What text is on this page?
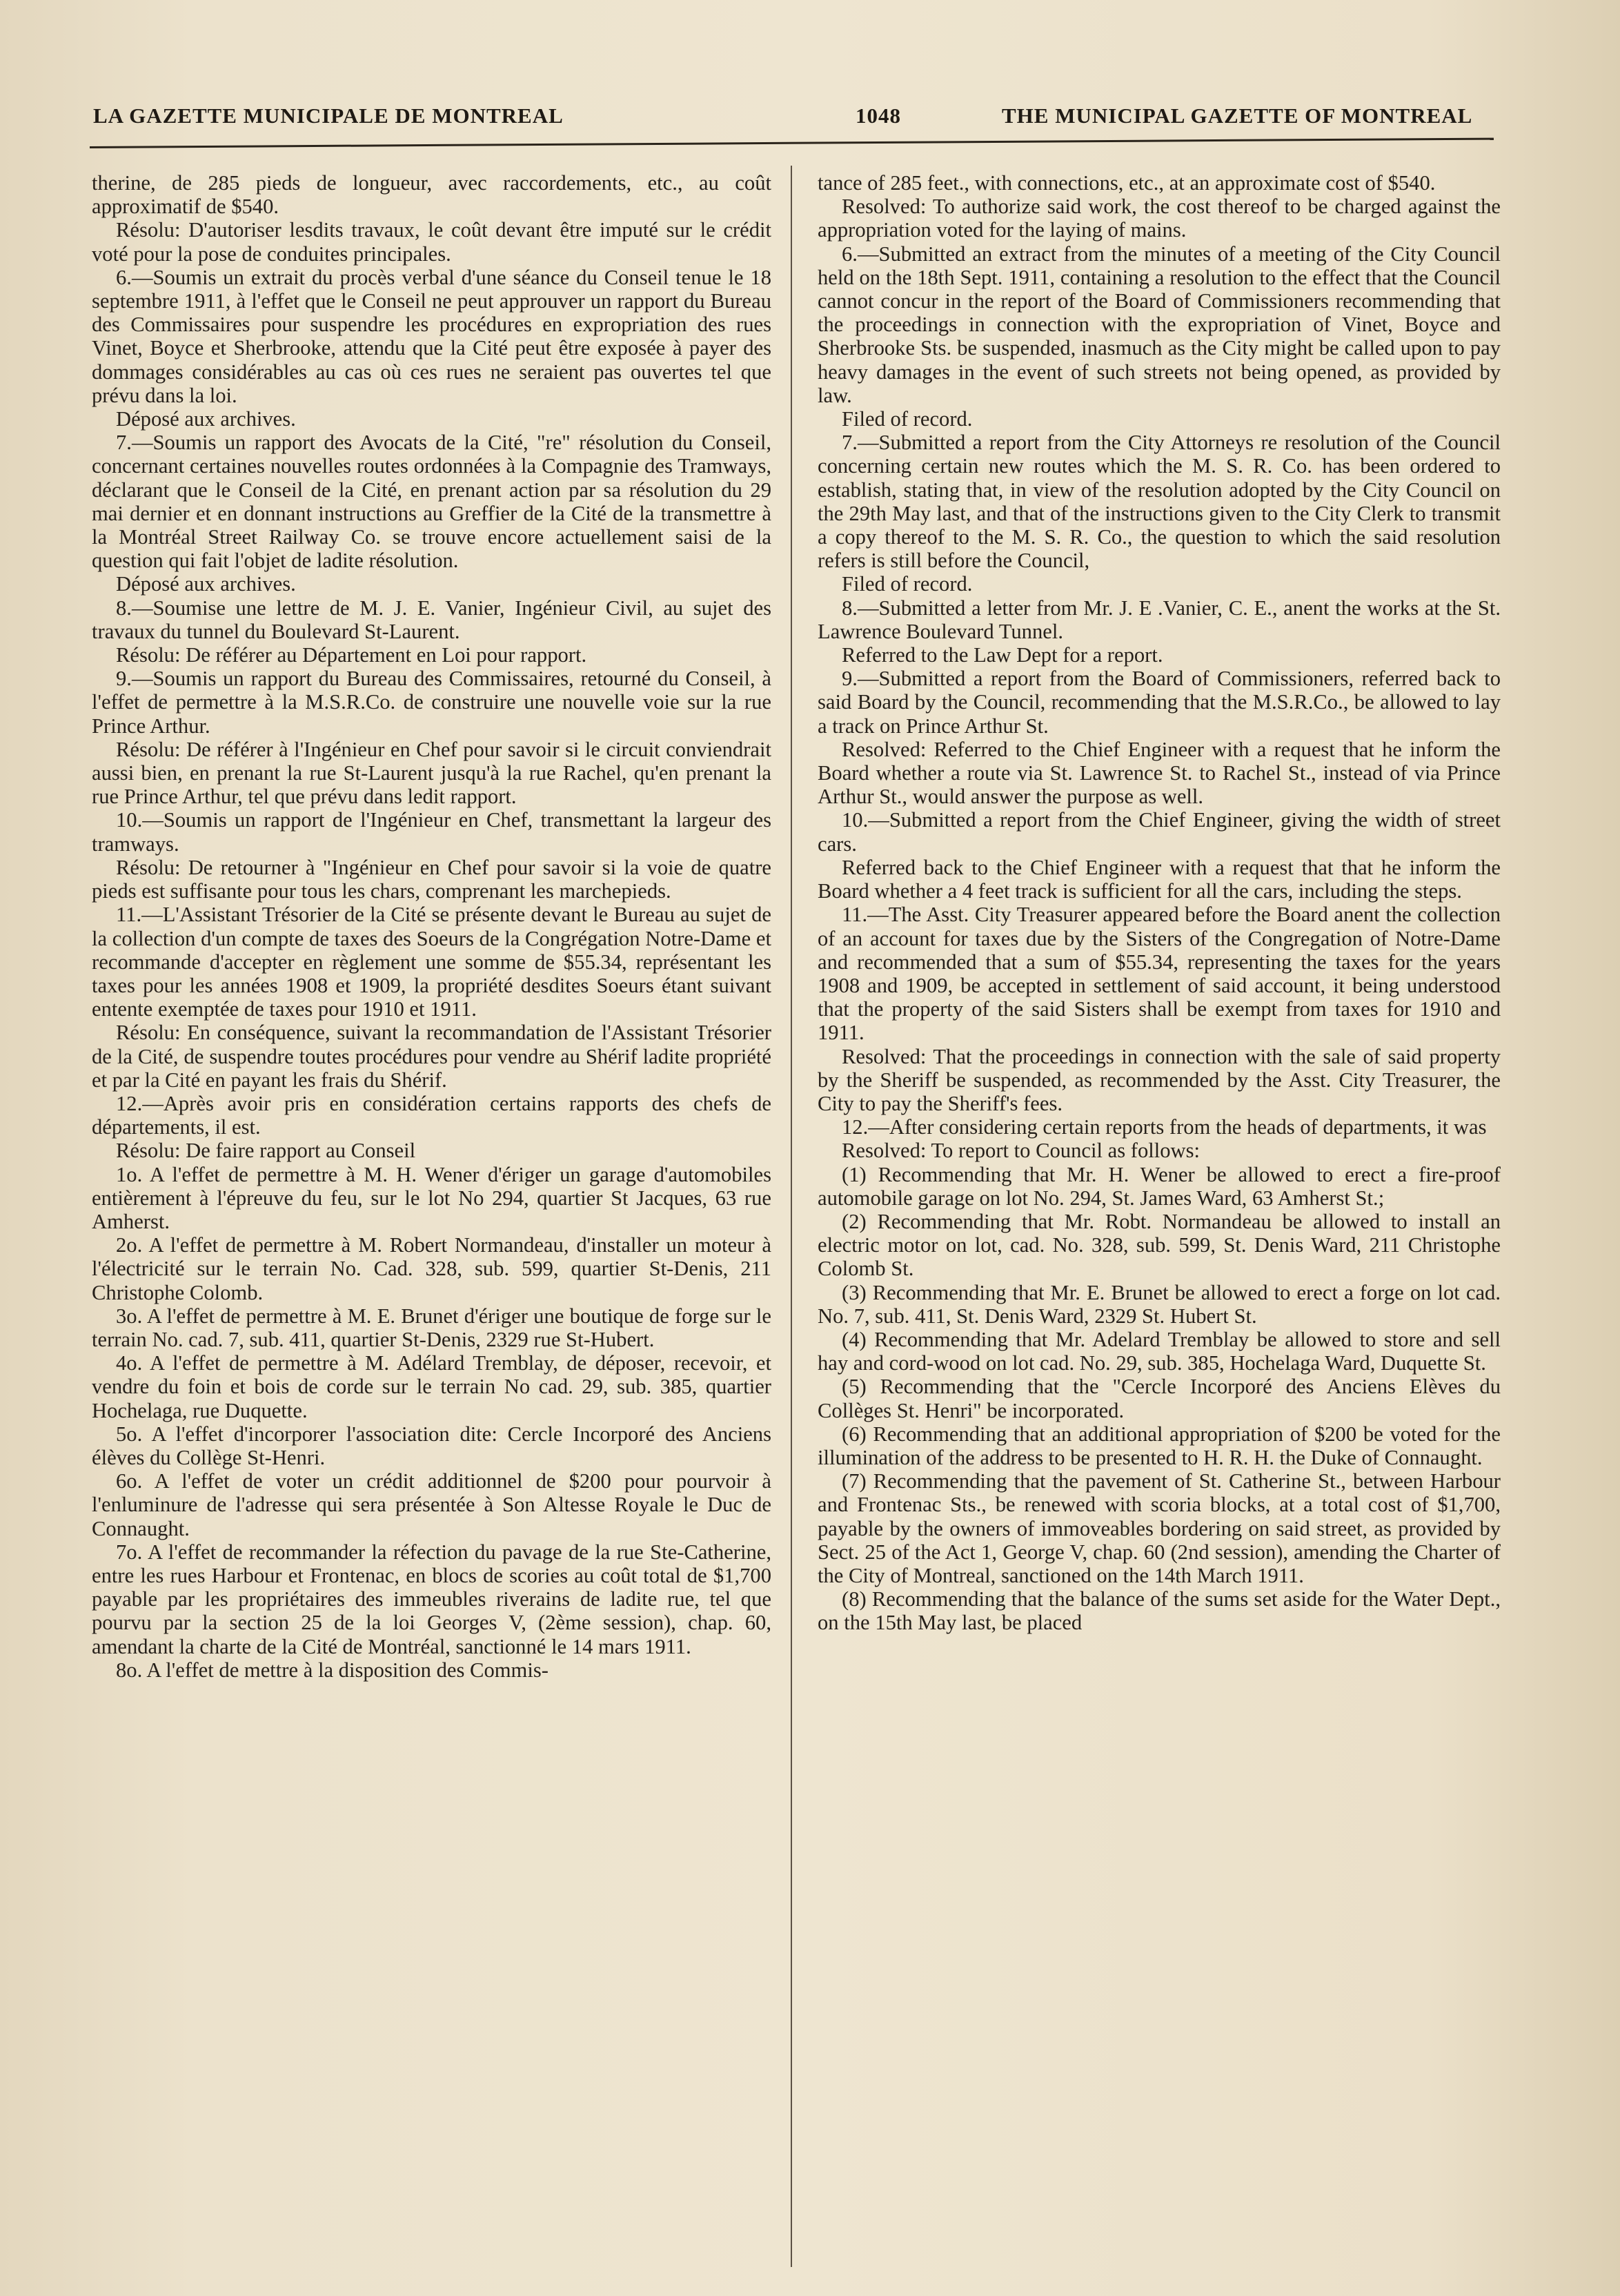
LA GAZETTE MUNICIPALE DE MONTREAL	1048	THE MUNICIPAL GAZETTE OF MONTREAL

therine, de 285 pieds de longueur, avec raccordements, etc., au coût approximatif de $540.

Résolu: D'autoriser lesdits travaux, le coût devant être imputé sur le crédit voté pour la pose de conduites principales.

6.—Soumis un extrait du procès verbal d'une séance du Conseil tenue le 18 septembre 1911, à l'effet que le Conseil ne peut approuver un rapport du Bureau des Commissaires pour suspendre les procédures en expropriation des rues Vinet, Boyce et Sherbrooke, attendu que la Cité peut être exposée à payer des dommages considérables au cas où ces rues ne seraient pas ouvertes tel que prévu dans la loi.

Déposé aux archives.

7.—Soumis un rapport des Avocats de la Cité, "re" résolution du Conseil, concernant certaines nouvelles routes ordonnées à la Compagnie des Tramways, déclarant que le Conseil de la Cité, en prenant action par sa résolution du 29 mai dernier et en donnant instructions au Greffier de la Cité de la transmettre à la Montréal Street Railway Co. se trouve encore actuellement saisi de la question qui fait l'objet de ladite résolution.

Déposé aux archives.

8.—Soumise une lettre de M. J. E. Vanier, Ingénieur Civil, au sujet des travaux du tunnel du Boulevard St-Laurent.

Résolu: De référer au Département en Loi pour rapport.

9.—Soumis un rapport du Bureau des Commissaires, retourné du Conseil, à l'effet de permettre à la M.S.R.Co. de construire une nouvelle voie sur la rue Prince Arthur.

Résolu: De référer à l'Ingénieur en Chef pour savoir si le circuit conviendrait aussi bien, en prenant la rue St-Laurent jusqu'à la rue Rachel, qu'en prenant la rue Prince Arthur, tel que prévu dans ledit rapport.

10.—Soumis un rapport de l'Ingénieur en Chef, transmettant la largeur des tramways.

Résolu: De retourner à "Ingénieur en Chef pour savoir si la voie de quatre pieds est suffisante pour tous les chars, comprenant les marchepieds.

11.—L'Assistant Trésorier de la Cité se présente devant le Bureau au sujet de la collection d'un compte de taxes des Soeurs de la Congrégation Notre-Dame et recommande d'accepter en règlement une somme de $55.34, représentant les taxes pour les années 1908 et 1909, la propriété desdites Soeurs étant suivant entente exemptée de taxes pour 1910 et 1911.

Résolu: En conséquence, suivant la recommandation de l'Assistant Trésorier de la Cité, de suspendre toutes procédures pour vendre au Shérif ladite propriété et par la Cité en payant les frais du Shérif.

12.—Après avoir pris en considération certains rapports des chefs de départements, il est.

Résolu: De faire rapport au Conseil

1o. A l'effet de permettre à M. H. Wener d'ériger un garage d'automobiles entièrement à l'épreuve du feu, sur le lot No 294, quartier St Jacques, 63 rue Amherst.

2o. A l'effet de permettre à M. Robert Normandeau, d'installer un moteur à l'électricité sur le terrain No. Cad. 328, sub. 599, quartier St-Denis, 211 Christophe Colomb.

3o. A l'effet de permettre à M. E. Brunet d'ériger une boutique de forge sur le terrain No. cad. 7, sub. 411, quartier St-Denis, 2329 rue St-Hubert.

4o. A l'effet de permettre à M. Adélard Tremblay, de déposer, recevoir, et vendre du foin et bois de corde sur le terrain No cad. 29, sub. 385, quartier Hochelaga, rue Duquette.

5o. A l'effet d'incorporer l'association dite: Cercle Incorporé des Anciens élèves du Collège St-Henri.

6o. A l'effet de voter un crédit additionnel de $200 pour pourvoir à l'enluminure de l'adresse qui sera présentée à Son Altesse Royale le Duc de Connaught.

7o. A l'effet de recommander la réfection du pavage de la rue Ste-Catherine, entre les rues Harbour et Frontenac, en blocs de scories au coût total de $1,700 payable par les propriétaires des immeubles riverains de ladite rue, tel que pourvu par la section 25 de la loi Georges V, (2ème session), chap. 60, amendant la charte de la Cité de Montréal, sanctionné le 14 mars 1911.

8o. A l'effet de mettre à la disposition des Commis-

tance of 285 feet., with connections, etc., at an approximate cost of $540.

Resolved: To authorize said work, the cost thereof to be charged against the appropriation voted for the laying of mains.

6.—Submitted an extract from the minutes of a meeting of the City Council held on the 18th Sept. 1911, containing a resolution to the effect that the Council cannot concur in the report of the Board of Commissioners recommending that the proceedings in connection with the expropriation of Vinet, Boyce and Sherbrooke Sts. be suspended, inasmuch as the City might be called upon to pay heavy damages in the event of such streets not being opened, as provided by law.

Filed of record.

7.—Submitted a report from the City Attorneys re resolution of the Council concerning certain new routes which the M. S. R. Co. has been ordered to establish, stating that, in view of the resolution adopted by the City Council on the 29th May last, and that of the instructions given to the City Clerk to transmit a copy thereof to the M. S. R. Co., the question to which the said resolution refers is still before the Council,

Filed of record.

8.—Submitted a letter from Mr. J. E .Vanier, C. E., anent the works at the St. Lawrence Boulevard Tunnel.

Referred to the Law Dept for a report.

9.—Submitted a report from the Board of Commissioners, referred back to said Board by the Council, recommending that the M.S.R.Co., be allowed to lay a track on Prince Arthur St.

Resolved: Referred to the Chief Engineer with a request that he inform the Board whether a route via St. Lawrence St. to Rachel St., instead of via Prince Arthur St., would answer the purpose as well.

10.—Submitted a report from the Chief Engineer, giving the width of street cars.

Referred back to the Chief Engineer with a request that that he inform the Board whether a 4 feet track is sufficient for all the cars, including the steps.

11.—The Asst. City Treasurer appeared before the Board anent the collection of an account for taxes due by the Sisters of the Congregation of Notre-Dame and recommended that a sum of $55.34, representing the taxes for the years 1908 and 1909, be accepted in settlement of said account, it being understood that the property of the said Sisters shall be exempt from taxes for 1910 and 1911.

Resolved: That the proceedings in connection with the sale of said property by the Sheriff be suspended, as recommended by the Asst. City Treasurer, the City to pay the Sheriff's fees.

12.—After considering certain reports from the heads of departments, it was

Resolved: To report to Council as follows:

(1) Recommending that Mr. H. Wener be allowed to erect a fire-proof automobile garage on lot No. 294, St. James Ward, 63 Amherst St.;

(2) Recommending that Mr. Robt. Normandeau be allowed to install an electric motor on lot, cad. No. 328, sub. 599, St. Denis Ward, 211 Christophe Colomb St.

(3) Recommending that Mr. E. Brunet be allowed to erect a forge on lot cad. No. 7, sub. 411, St. Denis Ward, 2329 St. Hubert St.

(4) Recommending that Mr. Adelard Tremblay be allowed to store and sell hay and cord-wood on lot cad. No. 29, sub. 385, Hochelaga Ward, Duquette St.

(5) Recommending that the "Cercle Incorporé des Anciens Elèves du Collèges St. Henri" be incorporated.

(6) Recommending that an additional appropriation of $200 be voted for the illumination of the address to be presented to H. R. H. the Duke of Connaught.

(7) Recommending that the pavement of St. Catherine St., between Harbour and Frontenac Sts., be renewed with scoria blocks, at a total cost of $1,700, payable by the owners of immoveables bordering on said street, as provided by Sect. 25 of the Act 1, George V, chap. 60 (2nd session), amending the Charter of the City of Montreal, sanctioned on the 14th March 1911.

(8) Recommending that the balance of the sums set aside for the Water Dept., on the 15th May last, be placed
